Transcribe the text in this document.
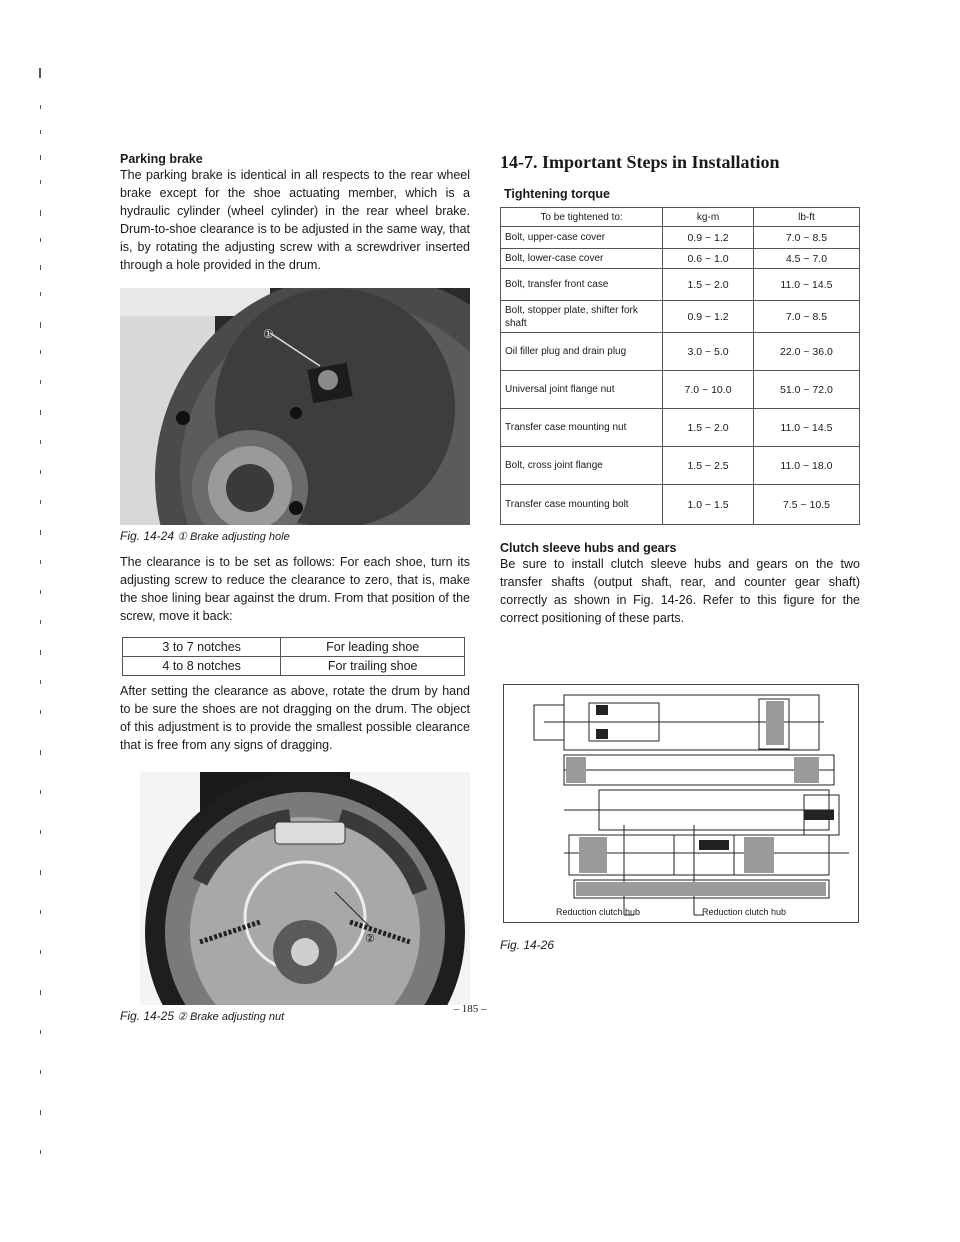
Parking brake

The parking brake is identical in all respects to the rear wheel brake except for the shoe actuating member, which is a hydraulic cylinder (wheel cylinder) in the rear wheel brake. Drum-to-shoe clearance is to be adjusted in the same way, that is, by rotating the adjusting screw with a screwdriver inserted through a hole provided in the drum.

①
Fig. 14-24 ① Brake adjusting hole

The clearance is to be set as follows: For each shoe, turn its adjusting screw to reduce the clearance to zero, that is, make the shoe lining bear against the drum. From that position of the screw, move it back:

3 to 7 notches	For leading shoe
4 to 8 notches	For trailing shoe

After setting the clearance as above, rotate the drum by hand to be sure the shoes are not dragging on the drum. The object of this adjustment is to provide the smallest possible clearance that is free from any signs of dragging.

②
Fig. 14-25 ② Brake adjusting nut
14-7. Important Steps in Installation

Tightening torque

To be tightened to:	kg-m	lb-ft
Bolt, upper-case cover	0.9 ~ 1.2	7.0 ~ 8.5
Bolt, lower-case cover	0.6 ~ 1.0	4.5 ~ 7.0
Bolt, transfer front case	1.5 ~ 2.0	11.0 ~ 14.5
Bolt, stopper plate, shifter fork shaft	0.9 ~ 1.2	7.0 ~ 8.5
Oil filler plug and drain plug	3.0 ~ 5.0	22.0 ~ 36.0
Universal joint flange nut	7.0 ~ 10.0	51.0 ~ 72.0
Transfer case mounting nut	1.5 ~ 2.0	11.0 ~ 14.5
Bolt, cross joint flange	1.5 ~ 2.5	11.0 ~ 18.0
Transfer case mounting bolt	1.0 ~ 1.5	7.5 ~ 10.5

Clutch sleeve hubs and gears

Be sure to install clutch sleeve hubs and gears on the two transfer shafts (output shaft, rear, and counter gear shaft) correctly as shown in Fig. 14-26. Refer to this figure for the correct positioning of these parts.

Reduction clutch hub	Reduction clutch hub
Fig. 14-26
– 185 –
